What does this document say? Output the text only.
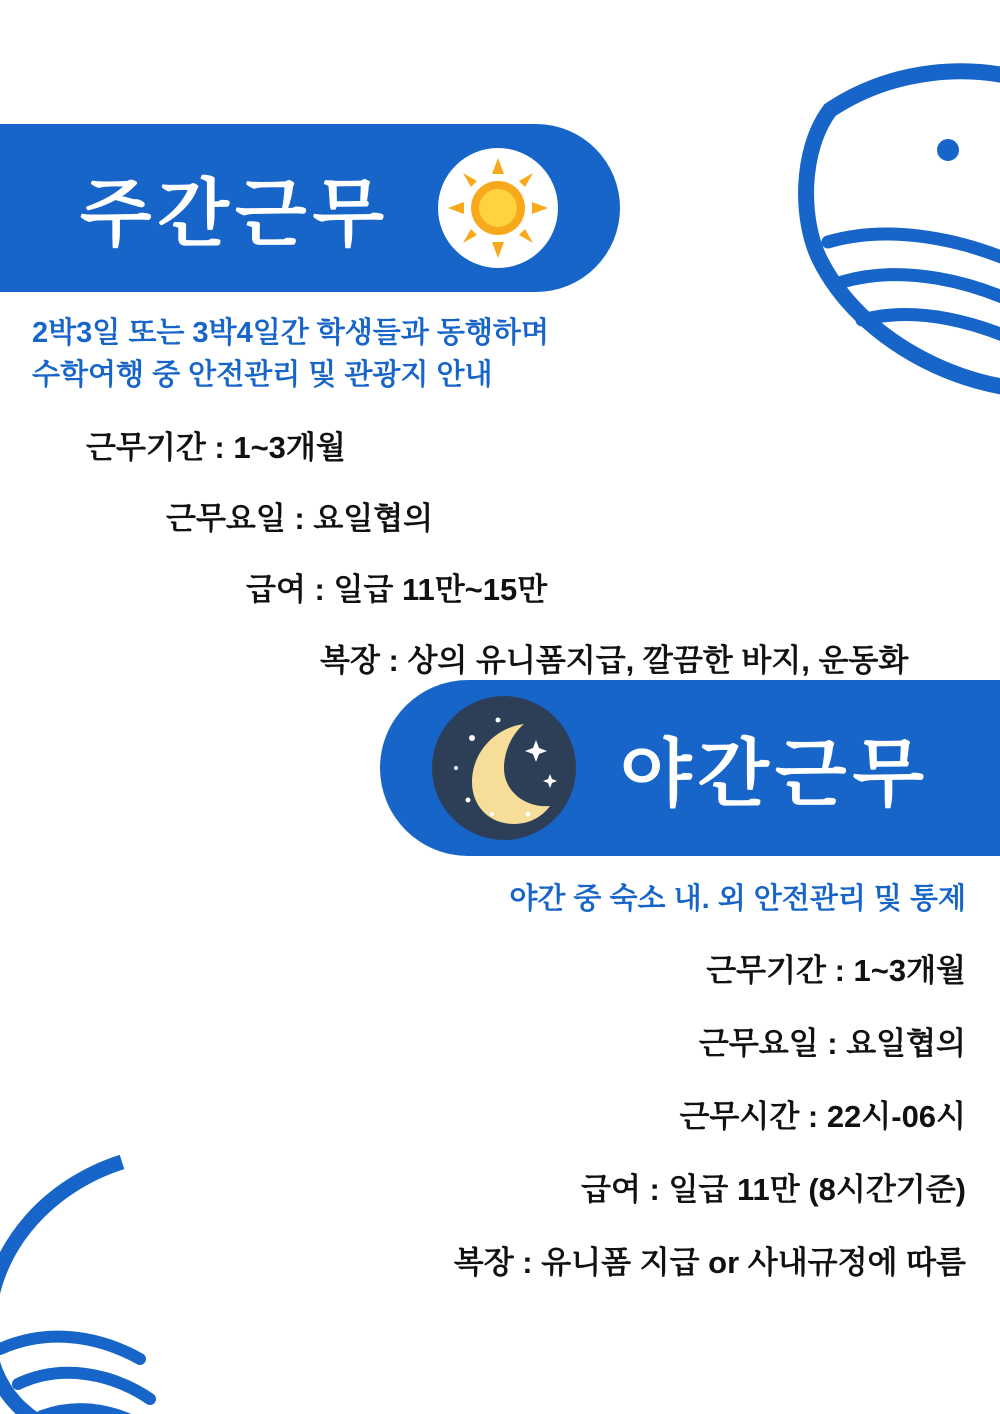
주간근무
2박3일 또는 3박4일간 학생들과 동행하며
수학여행 중 안전관리 및 관광지 안내
근무기간 : 1~3개월
근무요일 : 요일협의
급여 : 일급 11만~15만
복장 : 상의 유니폼지급, 깔끔한 바지, 운동화
야간근무
야간 중 숙소 내. 외 안전관리 및 통제
근무기간 : 1~3개월
근무요일 : 요일협의
근무시간 : 22시-06시
급여 : 일급 11만 (8시간기준)
복장 : 유니폼 지급 or 사내규정에 따름
